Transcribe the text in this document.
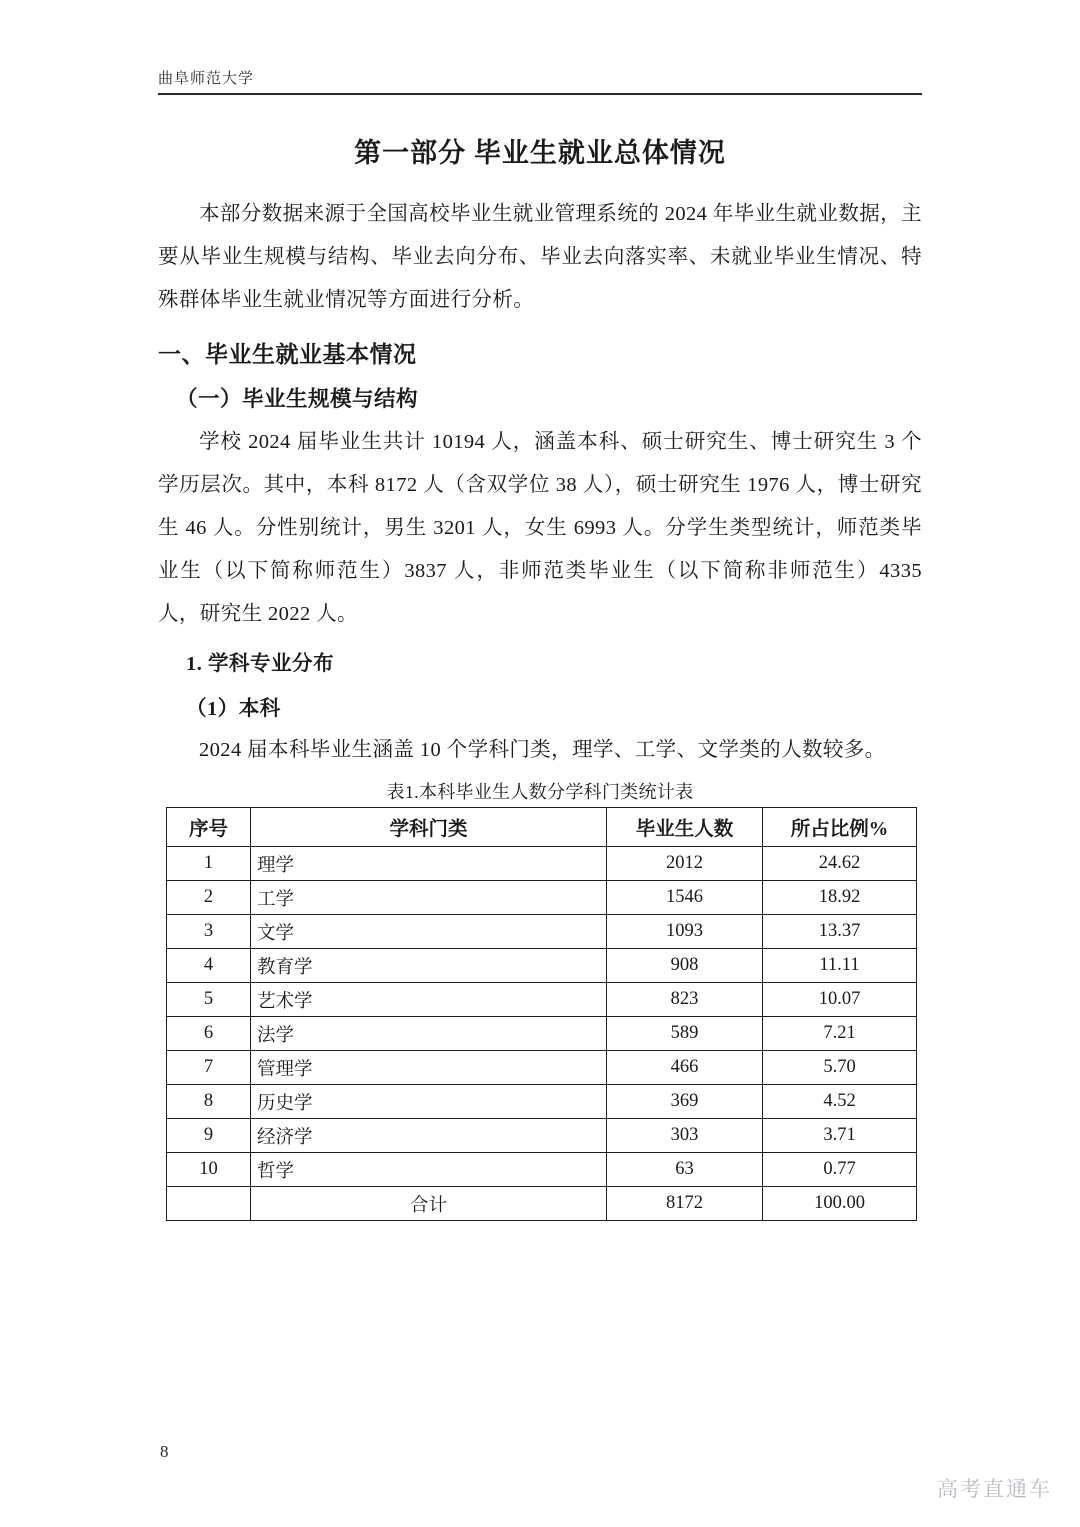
曲阜师范大学
第一部分 毕业生就业总体情况

本部分数据来源于全国高校毕业生就业管理系统的 2024 年毕业生就业数据，主要从毕业生规模与结构、毕业去向分布、毕业去向落实率、未就业毕业生情况、特殊群体毕业生就业情况等方面进行分析。

一、毕业生就业基本情况
（一）毕业生规模与结构

学校 2024 届毕业生共计 10194 人，涵盖本科、硕士研究生、博士研究生 3 个学历层次。其中，本科 8172 人（含双学位 38 人），硕士研究生 1976 人，博士研究生 46 人。分性别统计，男生 3201 人，女生 6993 人。分学生类型统计，师范类毕业生（以下简称师范生）3837 人，非师范类毕业生（以下简称非师范生）4335 人，研究生 2022 人。

1. 学科专业分布
（1）本科

2024 届本科毕业生涵盖 10 个学科门类，理学、工学、文学类的人数较多。

表1.本科毕业生人数分学科门类统计表
序号	学科门类	毕业生人数	所占比例%
1	理学	2012	24.62
2	工学	1546	18.92
3	文学	1093	13.37
4	教育学	908	11.11
5	艺术学	823	10.07
6	法学	589	7.21
7	管理学	466	5.70
8	历史学	369	4.52
9	经济学	303	3.71
10	哲学	63	0.77
	合计	8172	100.00
8
高考直通车
